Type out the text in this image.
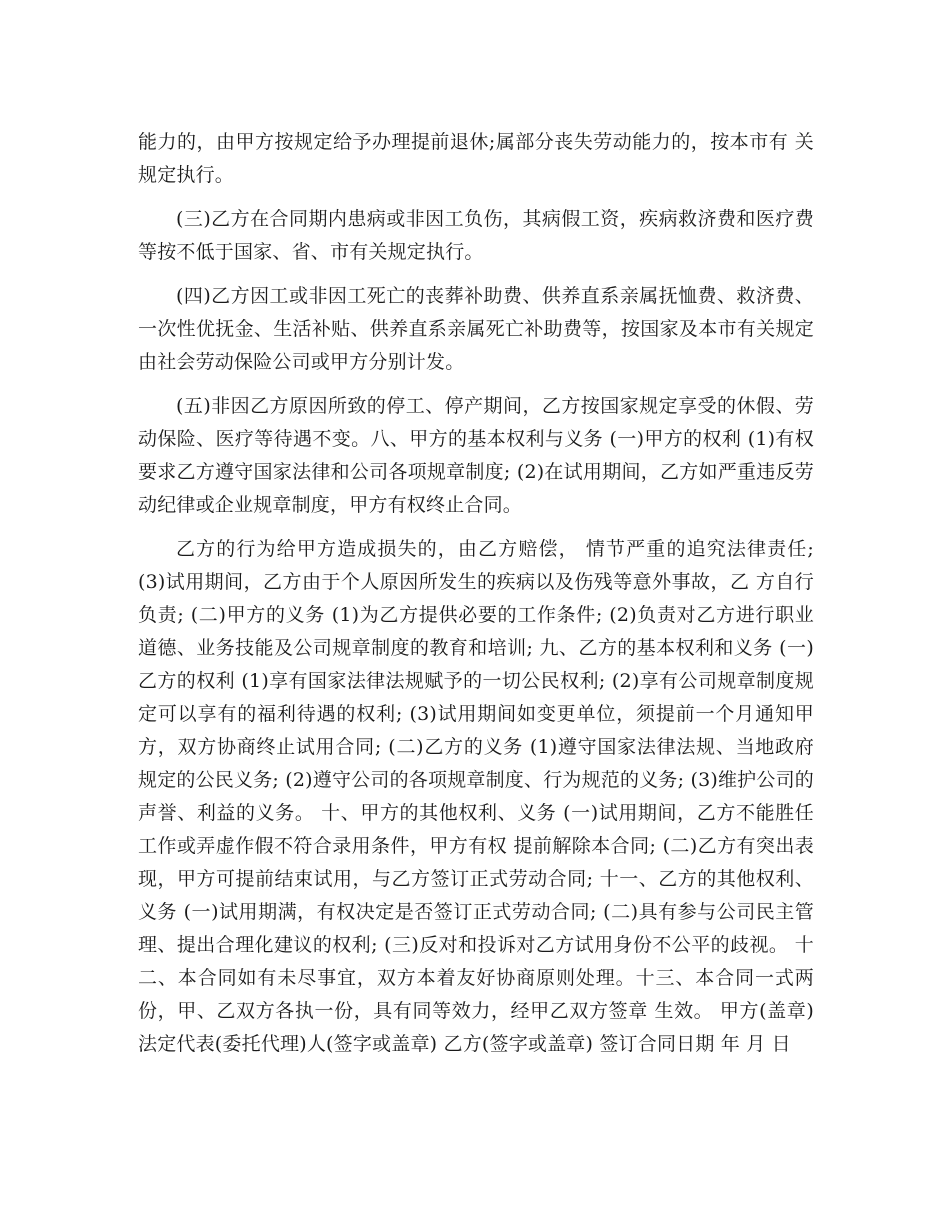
能力的，由甲方按规定给予办理提前退休;属部分丧失劳动能力的，按本市有 关规定执行。

(三)乙方在合同期内患病或非因工负伤，其病假工资，疾病救济费和医疗费等按不低于国家、省、市有关规定执行。

(四)乙方因工或非因工死亡的丧葬补助费、供养直系亲属抚恤费、救济费、一次性优抚金、生活补贴、供养直系亲属死亡补助费等，按国家及本市有关规定由社会劳动保险公司或甲方分别计发。

(五)非因乙方原因所致的停工、停产期间，乙方按国家规定享受的休假、劳动保险、医疗等待遇不变。八、甲方的基本权利与义务 (一)甲方的权利 (1)有权要求乙方遵守国家法律和公司各项规章制度; (2)在试用期间，乙方如严重违反劳动纪律或企业规章制度，甲方有权终止合同。

乙方的行为给甲方造成损失的，由乙方赔偿， 情节严重的追究法律责任; (3)试用期间，乙方由于个人原因所发生的疾病以及伤残等意外事故，乙 方自行负责; (二)甲方的义务 (1)为乙方提供必要的工作条件; (2)负责对乙方进行职业道德、业务技能及公司规章制度的教育和培训; 九、乙方的基本权利和义务 (一)乙方的权利 (1)享有国家法律法规赋予的一切公民权利; (2)享有公司规章制度规定可以享有的福利待遇的权利; (3)试用期间如变更单位，须提前一个月通知甲方，双方协商终止试用合同; (二)乙方的义务 (1)遵守国家法律法规、当地政府规定的公民义务; (2)遵守公司的各项规章制度、行为规范的义务; (3)维护公司的声誉、利益的义务。 十、甲方的其他权利、义务 (一)试用期间，乙方不能胜任工作或弄虚作假不符合录用条件，甲方有权 提前解除本合同; (二)乙方有突出表现，甲方可提前结束试用，与乙方签订正式劳动合同; 十一、乙方的其他权利、义务 (一)试用期满，有权决定是否签订正式劳动合同; (二)具有参与公司民主管理、提出合理化建议的权利; (三)反对和投诉对乙方试用身份不公平的歧视。 十二、本合同如有未尽事宜，双方本着友好协商原则处理。十三、本合同一式两份，甲、乙双方各执一份，具有同等效力，经甲乙双方签章 生效。 甲方(盖章) 法定代表(委托代理)人(签字或盖章) 乙方(签字或盖章) 签订合同日期 年 月 日
